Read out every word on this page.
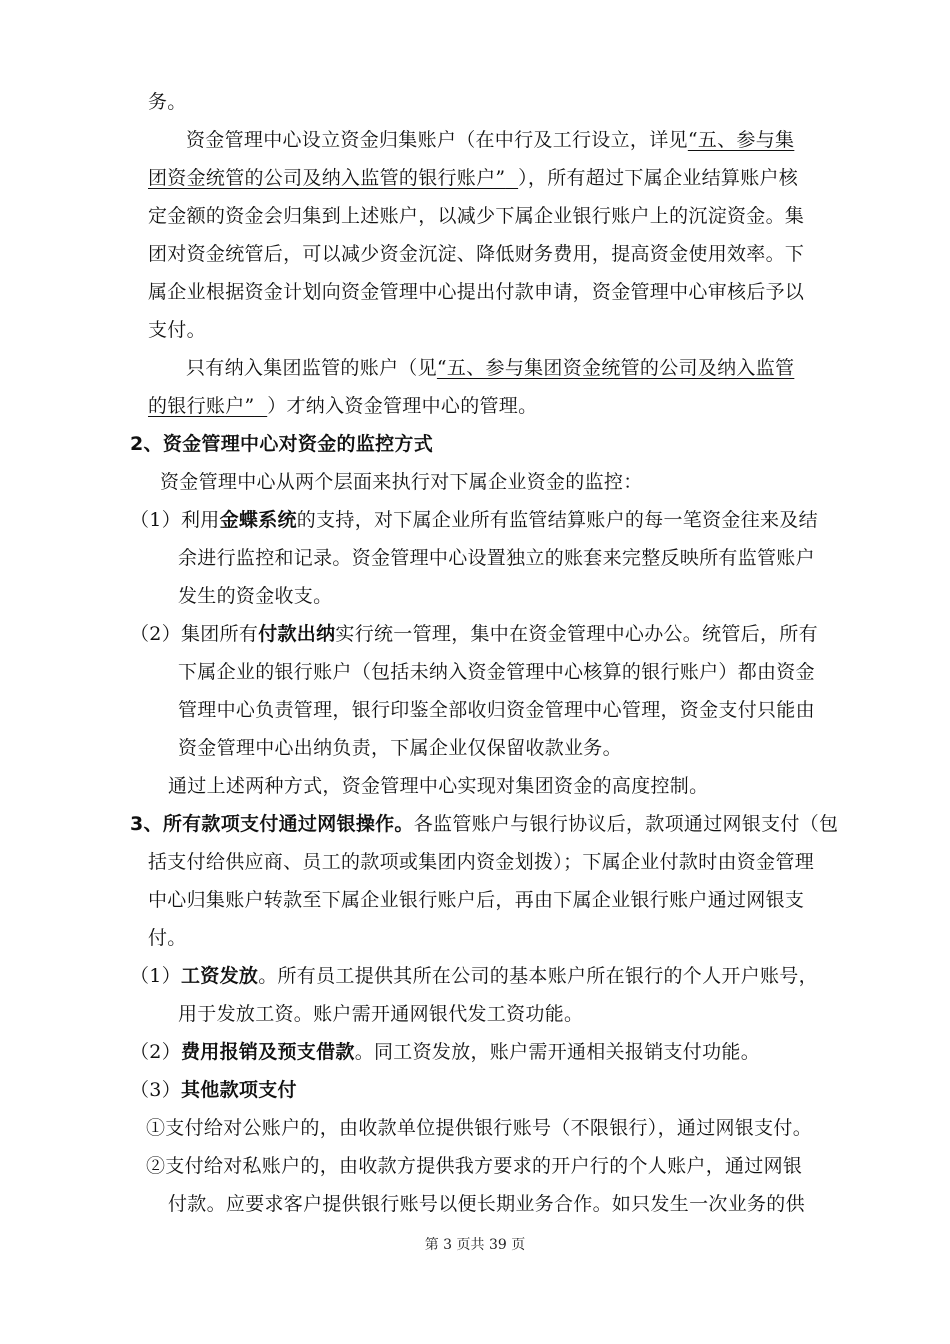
务。
资金管理中心设立资金归集账户（在中行及工行设立，详见“五、参与集
团资金统管的公司及纳入监管的银行账户” ），所有超过下属企业结算账户核
定金额的资金会归集到上述账户，以减少下属企业银行账户上的沉淀资金。集
团对资金统管后，可以减少资金沉淀、降低财务费用，提高资金使用效率。下
属企业根据资金计划向资金管理中心提出付款申请，资金管理中心审核后予以
支付。
只有纳入集团监管的账户（见“五、参与集团资金统管的公司及纳入监管
的银行账户” ）才纳入资金管理中心的管理。
2、资金管理中心对资金的监控方式
资金管理中心从两个层面来执行对下属企业资金的监控：
（1）利用金蝶系统的支持，对下属企业所有监管结算账户的每一笔资金往来及结
余进行监控和记录。资金管理中心设置独立的账套来完整反映所有监管账户
发生的资金收支。
（2）集团所有付款出纳实行统一管理，集中在资金管理中心办公。统管后，所有
下属企业的银行账户（包括未纳入资金管理中心核算的银行账户）都由资金
管理中心负责管理，银行印鉴全部收归资金管理中心管理，资金支付只能由
资金管理中心出纳负责，下属企业仅保留收款业务。
通过上述两种方式，资金管理中心实现对集团资金的高度控制。
3、所有款项支付通过网银操作。各监管账户与银行协议后，款项通过网银支付（包
括支付给供应商、员工的款项或集团内资金划拨）；下属企业付款时由资金管理
中心归集账户转款至下属企业银行账户后，再由下属企业银行账户通过网银支
付。
（1）工资发放。所有员工提供其所在公司的基本账户所在银行的个人开户账号，
用于发放工资。账户需开通网银代发工资功能。
（2）费用报销及预支借款。同工资发放，账户需开通相关报销支付功能。
（3）其他款项支付
①支付给对公账户的，由收款单位提供银行账号（不限银行），通过网银支付。
②支付给对私账户的，由收款方提供我方要求的开户行的个人账户，通过网银
付款。应要求客户提供银行账号以便长期业务合作。如只发生一次业务的供
第 3 页共 39 页
